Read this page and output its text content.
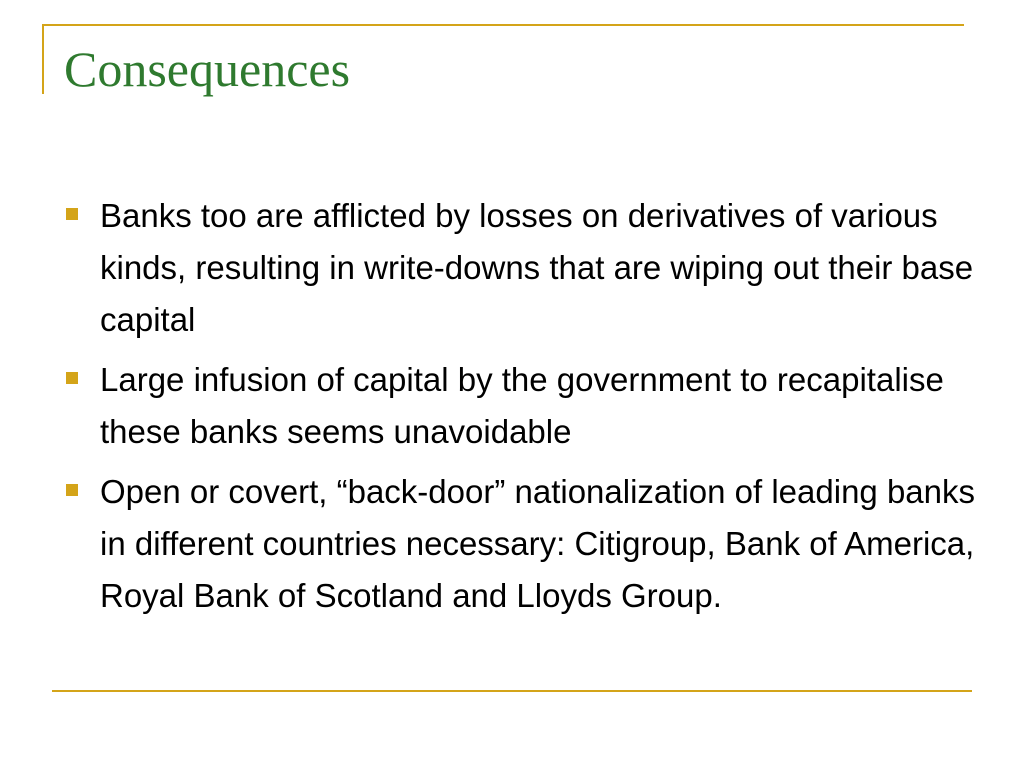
Consequences
Banks too are afflicted by losses on derivatives of various kinds, resulting in write-downs that are wiping out their base capital
Large infusion of capital by the government to recapitalise these banks seems unavoidable
Open or covert, “back-door” nationalization of leading banks in different countries necessary: Citigroup, Bank of America, Royal Bank of Scotland and Lloyds Group.
